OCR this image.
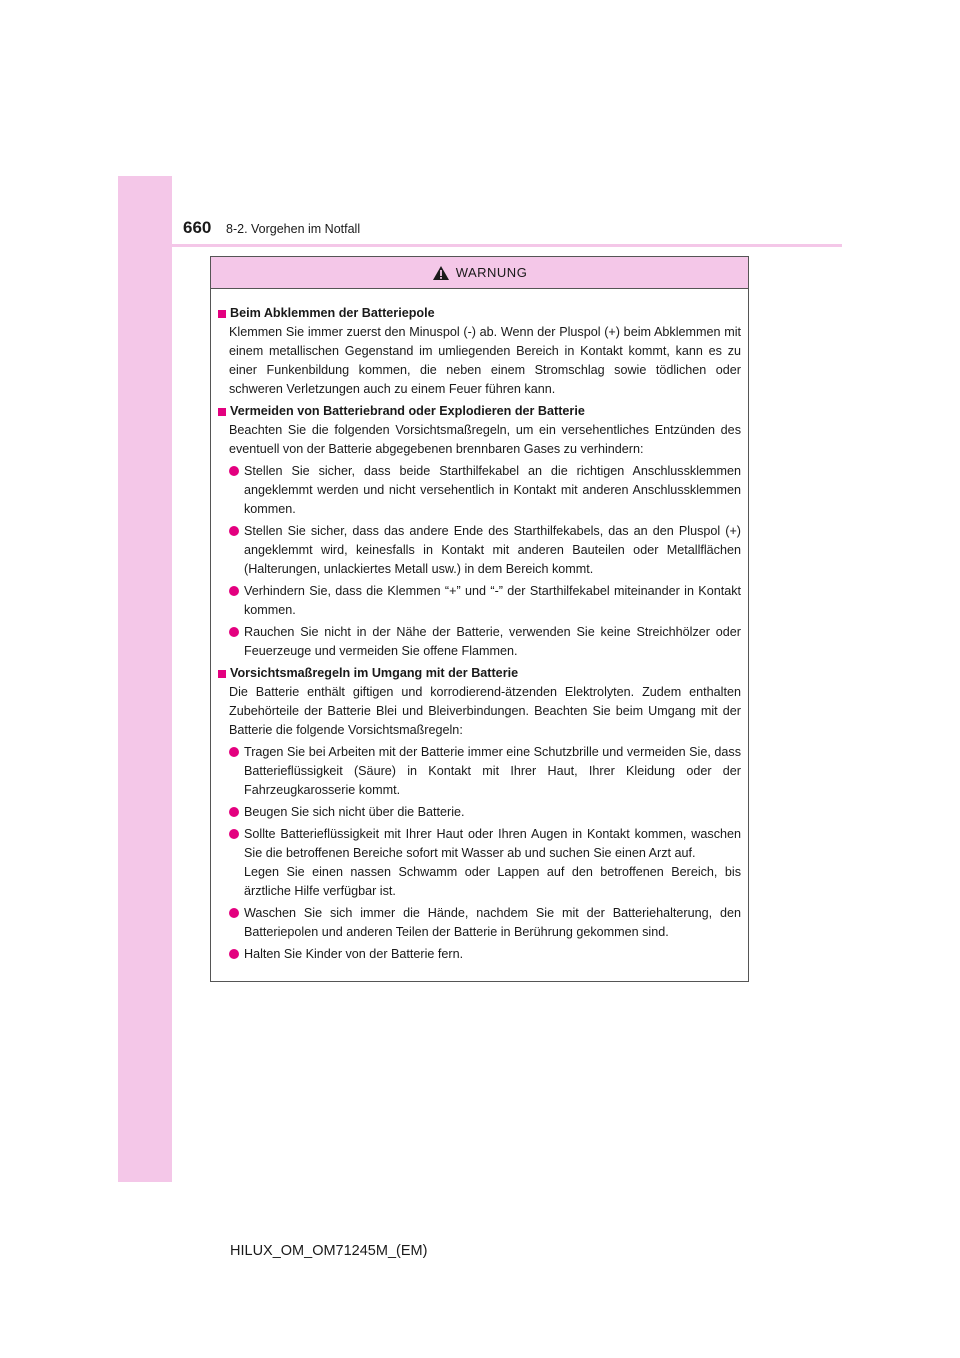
660 8-2. Vorgehen im Notfall
WARNUNG
Beim Abklemmen der Batteriepole

Klemmen Sie immer zuerst den Minuspol (-) ab. Wenn der Pluspol (+) beim Abklemmen mit einem metallischen Gegenstand im umliegenden Bereich in Kontakt kommt, kann es zu einer Funkenbildung kommen, die neben einem Stromschlag sowie tödlichen oder schweren Verletzungen auch zu einem Feuer führen kann.

Vermeiden von Batteriebrand oder Explodieren der Batterie

Beachten Sie die folgenden Vorsichtsmaßregeln, um ein versehentliches Entzünden des eventuell von der Batterie abgegebenen brennbaren Gases zu verhindern:

Stellen Sie sicher, dass beide Starthilfekabel an die richtigen Anschlussklemmen angeklemmt werden und nicht versehentlich in Kontakt mit anderen Anschlussklemmen kommen.
Stellen Sie sicher, dass das andere Ende des Starthilfekabels, das an den Pluspol (+) angeklemmt wird, keinesfalls in Kontakt mit anderen Bauteilen oder Metallflächen (Halterungen, unlackiertes Metall usw.) in dem Bereich kommt.
Verhindern Sie, dass die Klemmen “+” und “-” der Starthilfekabel miteinander in Kontakt kommen.
Rauchen Sie nicht in der Nähe der Batterie, verwenden Sie keine Streichhölzer oder Feuerzeuge und vermeiden Sie offene Flammen.
Vorsichtsmaßregeln im Umgang mit der Batterie

Die Batterie enthält giftigen und korrodierend-ätzenden Elektrolyten. Zudem enthalten Zubehörteile der Batterie Blei und Bleiverbindungen. Beachten Sie beim Umgang mit der Batterie die folgende Vorsichtsmaßregeln:

Tragen Sie bei Arbeiten mit der Batterie immer eine Schutzbrille und vermeiden Sie, dass Batterieflüssigkeit (Säure) in Kontakt mit Ihrer Haut, Ihrer Kleidung oder der Fahrzeugkarosserie kommt.
Beugen Sie sich nicht über die Batterie.
Sollte Batterieflüssigkeit mit Ihrer Haut oder Ihren Augen in Kontakt kommen, waschen Sie die betroffenen Bereiche sofort mit Wasser ab und suchen Sie einen Arzt auf.
Legen Sie einen nassen Schwamm oder Lappen auf den betroffenen Bereich, bis ärztliche Hilfe verfügbar ist.
Waschen Sie sich immer die Hände, nachdem Sie mit der Batteriehalterung, den Batteriepolen und anderen Teilen der Batterie in Berührung gekommen sind.
Halten Sie Kinder von der Batterie fern.
HILUX_OM_OM71245M_(EM)
